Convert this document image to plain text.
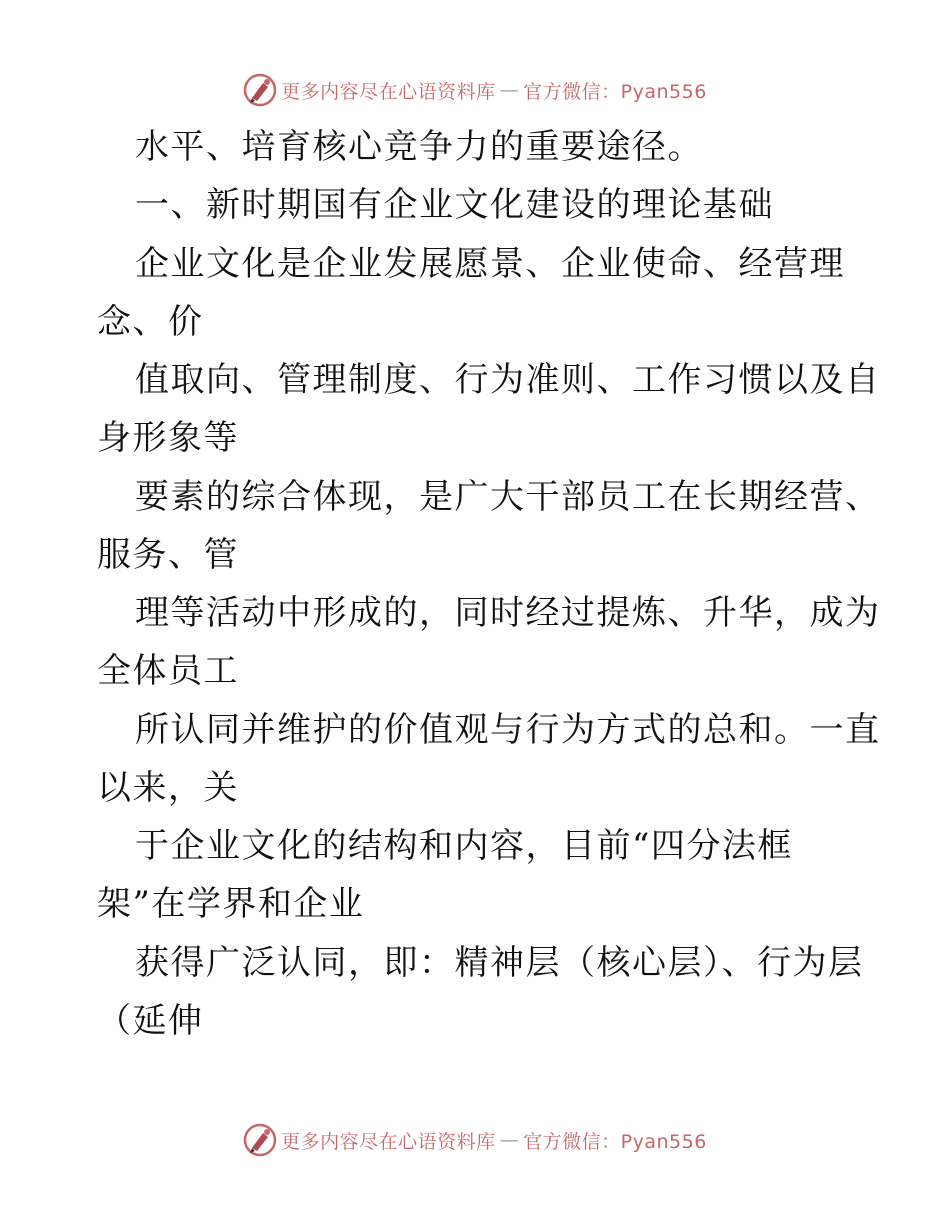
更多内容尽在心语资料库 — 官方微信：Pyan556
水平、培育核心竞争力的重要途径。
一、新时期国有企业文化建设的理论基础
企业文化是企业发展愿景、企业使命、经营理
念、价
值取向、管理制度、行为准则、工作习惯以及自
身形象等
要素的综合体现，是广大干部员工在长期经营、
服务、管
理等活动中形成的，同时经过提炼、升华，成为
全体员工
所认同并维护的价值观与行为方式的总和。一直
以来，关
于企业文化的结构和内容，目前“四分法框
架”在学界和企业
获得广泛认同，即：精神层（核心层）、行为层
（延伸
更多内容尽在心语资料库 — 官方微信：Pyan556
